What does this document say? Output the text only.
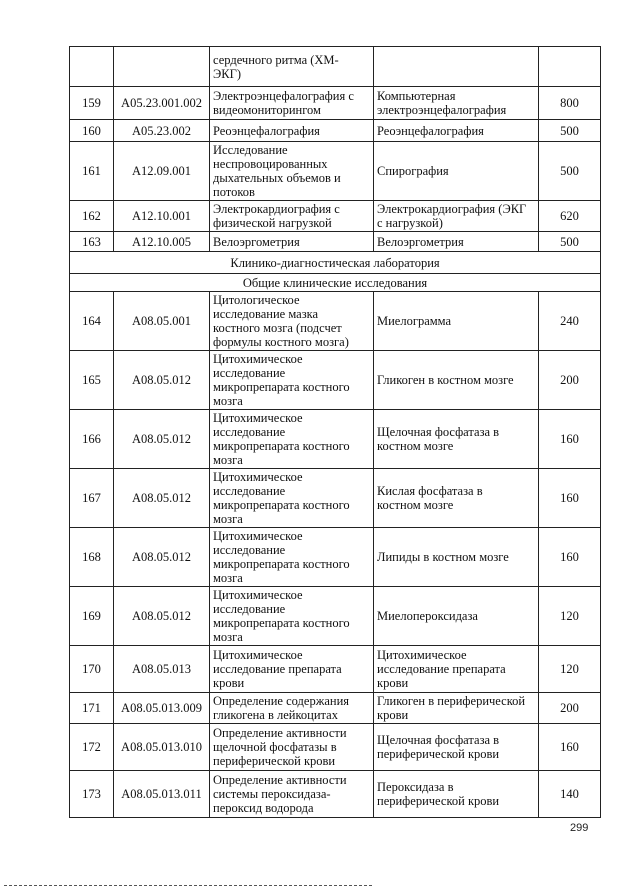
		сердечного ритма (ХМ-
ЭКГ)		

159	A05.23.001.002	Электроэнцефалография с
видеомониторингом	Компьютерная
электроэнцефалография	800
160	A05.23.002	Реоэнцефалография	Реоэнцефалография	500
161	A12.09.001	Исследование
неспровоцированных
дыхательных объемов и
потоков	Спирография	500
162	A12.10.001	Электрокардиография с
физической нагрузкой	Электрокардиография (ЭКГ
с нагрузкой)	620
163	A12.10.005	Велоэргометрия	Велоэргометрия	500
Клинико-диагностическая лаборатория				
Общие клинические исследования				
164	A08.05.001	Цитологическое
исследование мазка
костного мозга (подсчет
формулы костного мозга)	Миелограмма	240
165	A08.05.012	Цитохимическое
исследование
микропрепарата костного
мозга	Гликоген в костном мозге	200
166	A08.05.012	Цитохимическое
исследование
микропрепарата костного
мозга	Щелочная фосфатаза в
костном мозге	160
167	A08.05.012	Цитохимическое
исследование
микропрепарата костного
мозга	Кислая фосфатаза в
костном мозге	160
168	A08.05.012	Цитохимическое
исследование
микропрепарата костного
мозга	Липиды в костном мозге	160
169	A08.05.012	Цитохимическое
исследование
микропрепарата костного
мозга	Миелопероксидаза	120
170	A08.05.013	Цитохимическое
исследование препарата
крови	Цитохимическое
исследование препарата
крови	120
171	A08.05.013.009	Определение содержания
гликогена в лейкоцитах	Гликоген в периферической
крови	200
172	A08.05.013.010	Определение активности
щелочной фосфатазы в
периферической крови	Щелочная фосфатаза в
периферической крови	160
173	A08.05.013.011	Определение активности
системы пероксидаза-
пероксид водорода	Пероксидаза в
периферической крови	140
299
